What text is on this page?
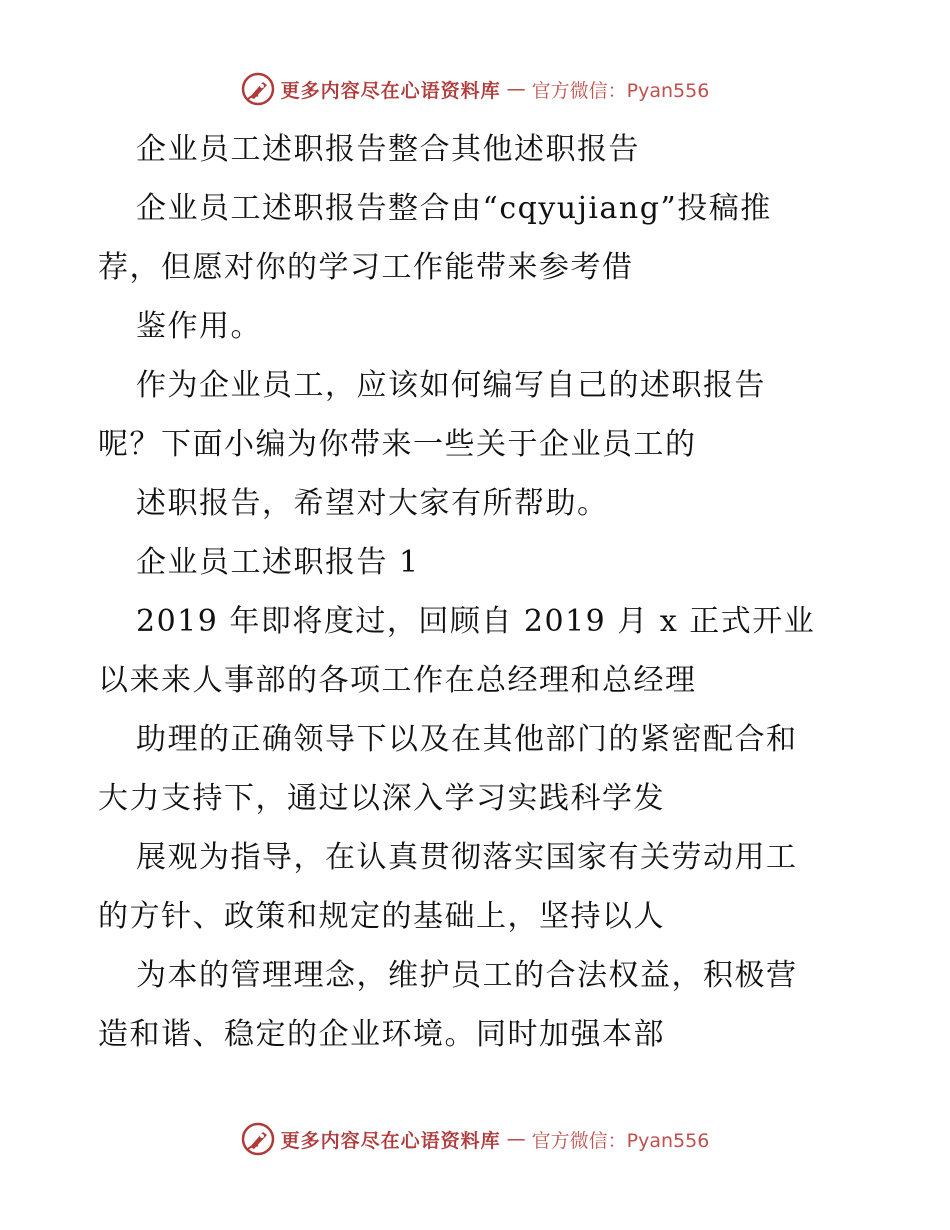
更多内容尽在心语资料库 — 官方微信：Pyan556
企业员工述职报告整合其他述职报告
企业员工述职报告整合由“cqyujiang”投稿推
荐，但愿对你的学习工作能带来参考借
鉴作用。
作为企业员工，应该如何编写自己的述职报告
呢？下面小编为你带来一些关于企业员工的
述职报告，希望对大家有所帮助。
企业员工述职报告 1
2019 年即将度过，回顾自 2019 月 x 正式开业
以来来人事部的各项工作在总经理和总经理
助理的正确领导下以及在其他部门的紧密配合和
大力支持下，通过以深入学习实践科学发
展观为指导，在认真贯彻落实国家有关劳动用工
的方针、政策和规定的基础上，坚持以人
为本的管理理念，维护员工的合法权益，积极营
造和谐、稳定的企业环境。同时加强本部
更多内容尽在心语资料库 — 官方微信：Pyan556
